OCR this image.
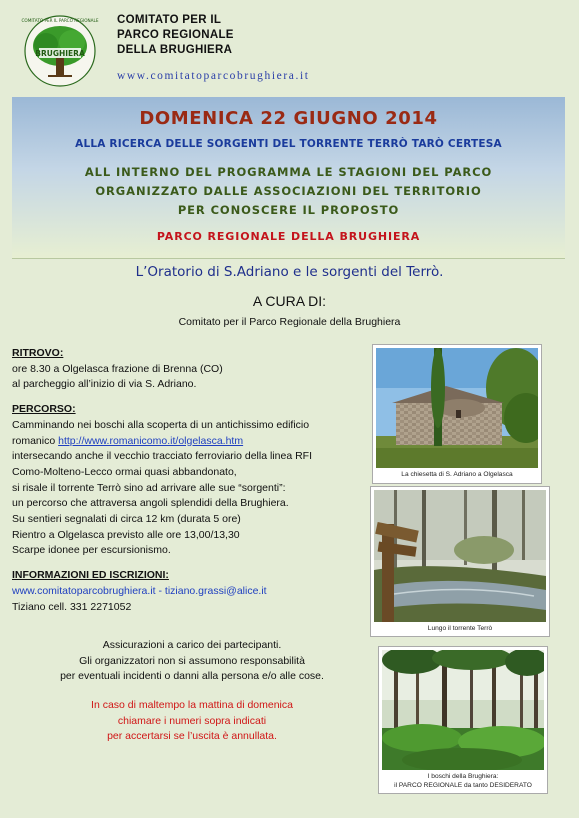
BRUGHIERA
COMITATO PER IL PARCO REGIONALE COMITATO PER IL
PARCO REGIONALE
DELLA BRUGHIERA
www.comitatoparcobrughiera.it
DOMENICA 22 GIUGNO 2014
ALLA RICERCA DELLE SORGENTI DEL TORRENTE TERRÒ TARÒ CERTESA
ALL INTERNO DEL PROGRAMMA LE STAGIONI DEL PARCO
ORGANIZZATO DALLE ASSOCIAZIONI DEL TERRITORIO
PER CONOSCERE IL PROPOSTO
PARCO REGIONALE DELLA BRUGHIERA
L’Oratorio di S.Adriano e le sorgenti del Terrò.
A CURA DI:
Comitato per il Parco Regionale della Brughiera
RITROVO:
ore 8.30 a Olgelasca frazione di Brenna (CO)
al parcheggio all’inizio di via S. Adriano.
PERCORSO:
Camminando nei boschi alla scoperta di un antichissimo edificio
romanico http://www.romanicomo.it/olgelasca.htm
intersecando anche il vecchio tracciato ferroviario della linea RFI
Como-Molteno-Lecco ormai quasi abbandonato,
si risale il torrente Terrò sino ad arrivare alle sue “sorgenti”:
un percorso che attraversa angoli splendidi della Brughiera.
Su sentieri segnalati di circa 12 km (durata 5 ore)
Rientro a Olgelasca previsto alle ore 13,00/13,30
Scarpe idonee per escursionismo.
INFORMAZIONI ED ISCRIZIONI:
www.comitatoparcobrughiera.it - tiziano.grassi@alice.it
Tiziano cell. 331 2271052
Assicurazioni a carico dei partecipanti.
Gli organizzatori non si assumono responsabilità
per eventuali incidenti o danni alla persona e/o alle cose.
In caso di maltempo la mattina di domenica
chiamare i numeri sopra indicati
per accertarsi se l’uscita è annullata.
La chiesetta di S. Adriano a Olgelasca
Lungo il torrente Terrò
I boschi della Brughiera:
il PARCO REGIONALE da tanto DESIDERATO
